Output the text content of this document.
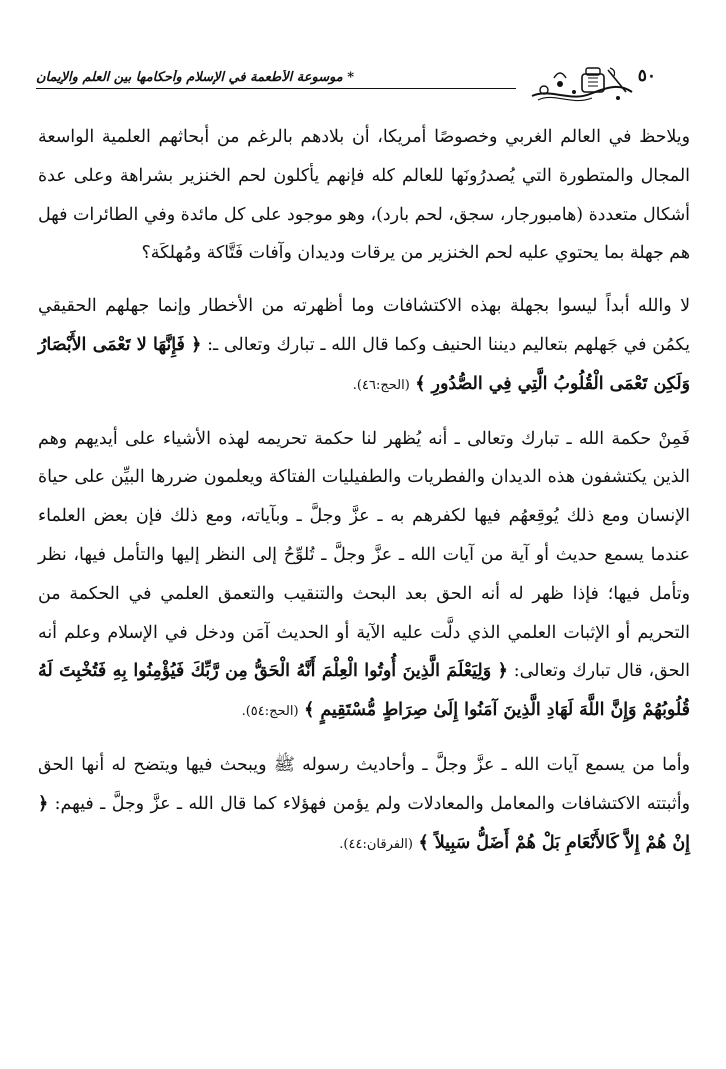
٥٠
* موسوعة الأطعمة في الإسلام وأحكامها بين العلم والإيمان

ويلاحظ في العالم الغربي وخصوصًا أمريكا، أن بلادهم بالرغم من أبحاثهم العلمية الواسعة المجال والمتطورة التي يُصدرُونَها للعالم كله فإنهم يأكلون لحم الخنزير بشراهة وعلى عدة أشكال متعددة (هامبورجار، سجق، لحم بارد)، وهو موجود على كل مائدة وفي الطائرات فهل هم جهلة بما يحتوي عليه لحم الخنزير من يرقات وديدان وآفات فَتَّاكة ومُهلكَة؟

لا والله أبداً ليسوا بجهلة بهذه الاكتشافات وما أظهرته من الأخطار وإنما جهلهم الحقيقي يكمُن في جَهلهم بتعاليم ديننا الحنيف وكما قال الله ـ تبارك وتعالى ـ: ﴿ فَإِنَّهَا لا تَعْمَى الأَبْصَارُ وَلَكِن تَعْمَى الْقُلُوبُ الَّتِي فِي الصُّدُورِ ﴾ (الحج:٤٦).

فَمِنْ حكمة الله ـ تبارك وتعالى ـ أنه يُظهر لنا حكمة تحريمه لهذه الأشياء على أيديهم وهم الذين يكتشفون هذه الديدان والفطريات والطفيليات الفتاكة ويعلمون ضررها البيِّن على حياة الإنسان ومع ذلك يُوقِعهُم فيها لكفرهم به ـ عزَّ وجلَّ ـ وبآياته، ومع ذلك فإن بعض العلماء عندما يسمع حديث أو آية من آيات الله ـ عزَّ وجلَّ ـ تُلوِّحُ إلى النظر إليها والتأمل فيها، نظر وتأمل فيها؛ فإذا ظهر له أنه الحق بعد البحث والتنقيب والتعمق العلمي في الحكمة من التحريم أو الإثبات العلمي الذي دلَّت عليه الآية أو الحديث آمَن ودخل في الإسلام وعلم أنه الحق، قال تبارك وتعالى: ﴿ وَلِيَعْلَمَ الَّذِينَ أُوتُوا الْعِلْمَ أَنَّهُ الْحَقُّ مِن رَّبِّكَ فَيُؤْمِنُوا بِهِ فَتُخْبِتَ لَهُ قُلُوبُهُمْ وَإِنَّ اللَّهَ لَهَادِ الَّذِينَ آمَنُوا إِلَىٰ صِرَاطٍ مُّسْتَقِيمٍ ﴾ (الحج:٥٤).

وأما من يسمع آيات الله ـ عزَّ وجلَّ ـ وأحاديث رسوله ﷺ ويبحث فيها ويتضح له أنها الحق وأثبتته الاكتشافات والمعامل والمعادلات ولم يؤمن فهؤلاء كما قال الله ـ عزَّ وجلَّ ـ فيهم: ﴿ إِنْ هُمْ إِلاَّ كَالأَنْعَامِ بَلْ هُمْ أَضَلُّ سَبِيلاً ﴾ (الفرقان:٤٤).
